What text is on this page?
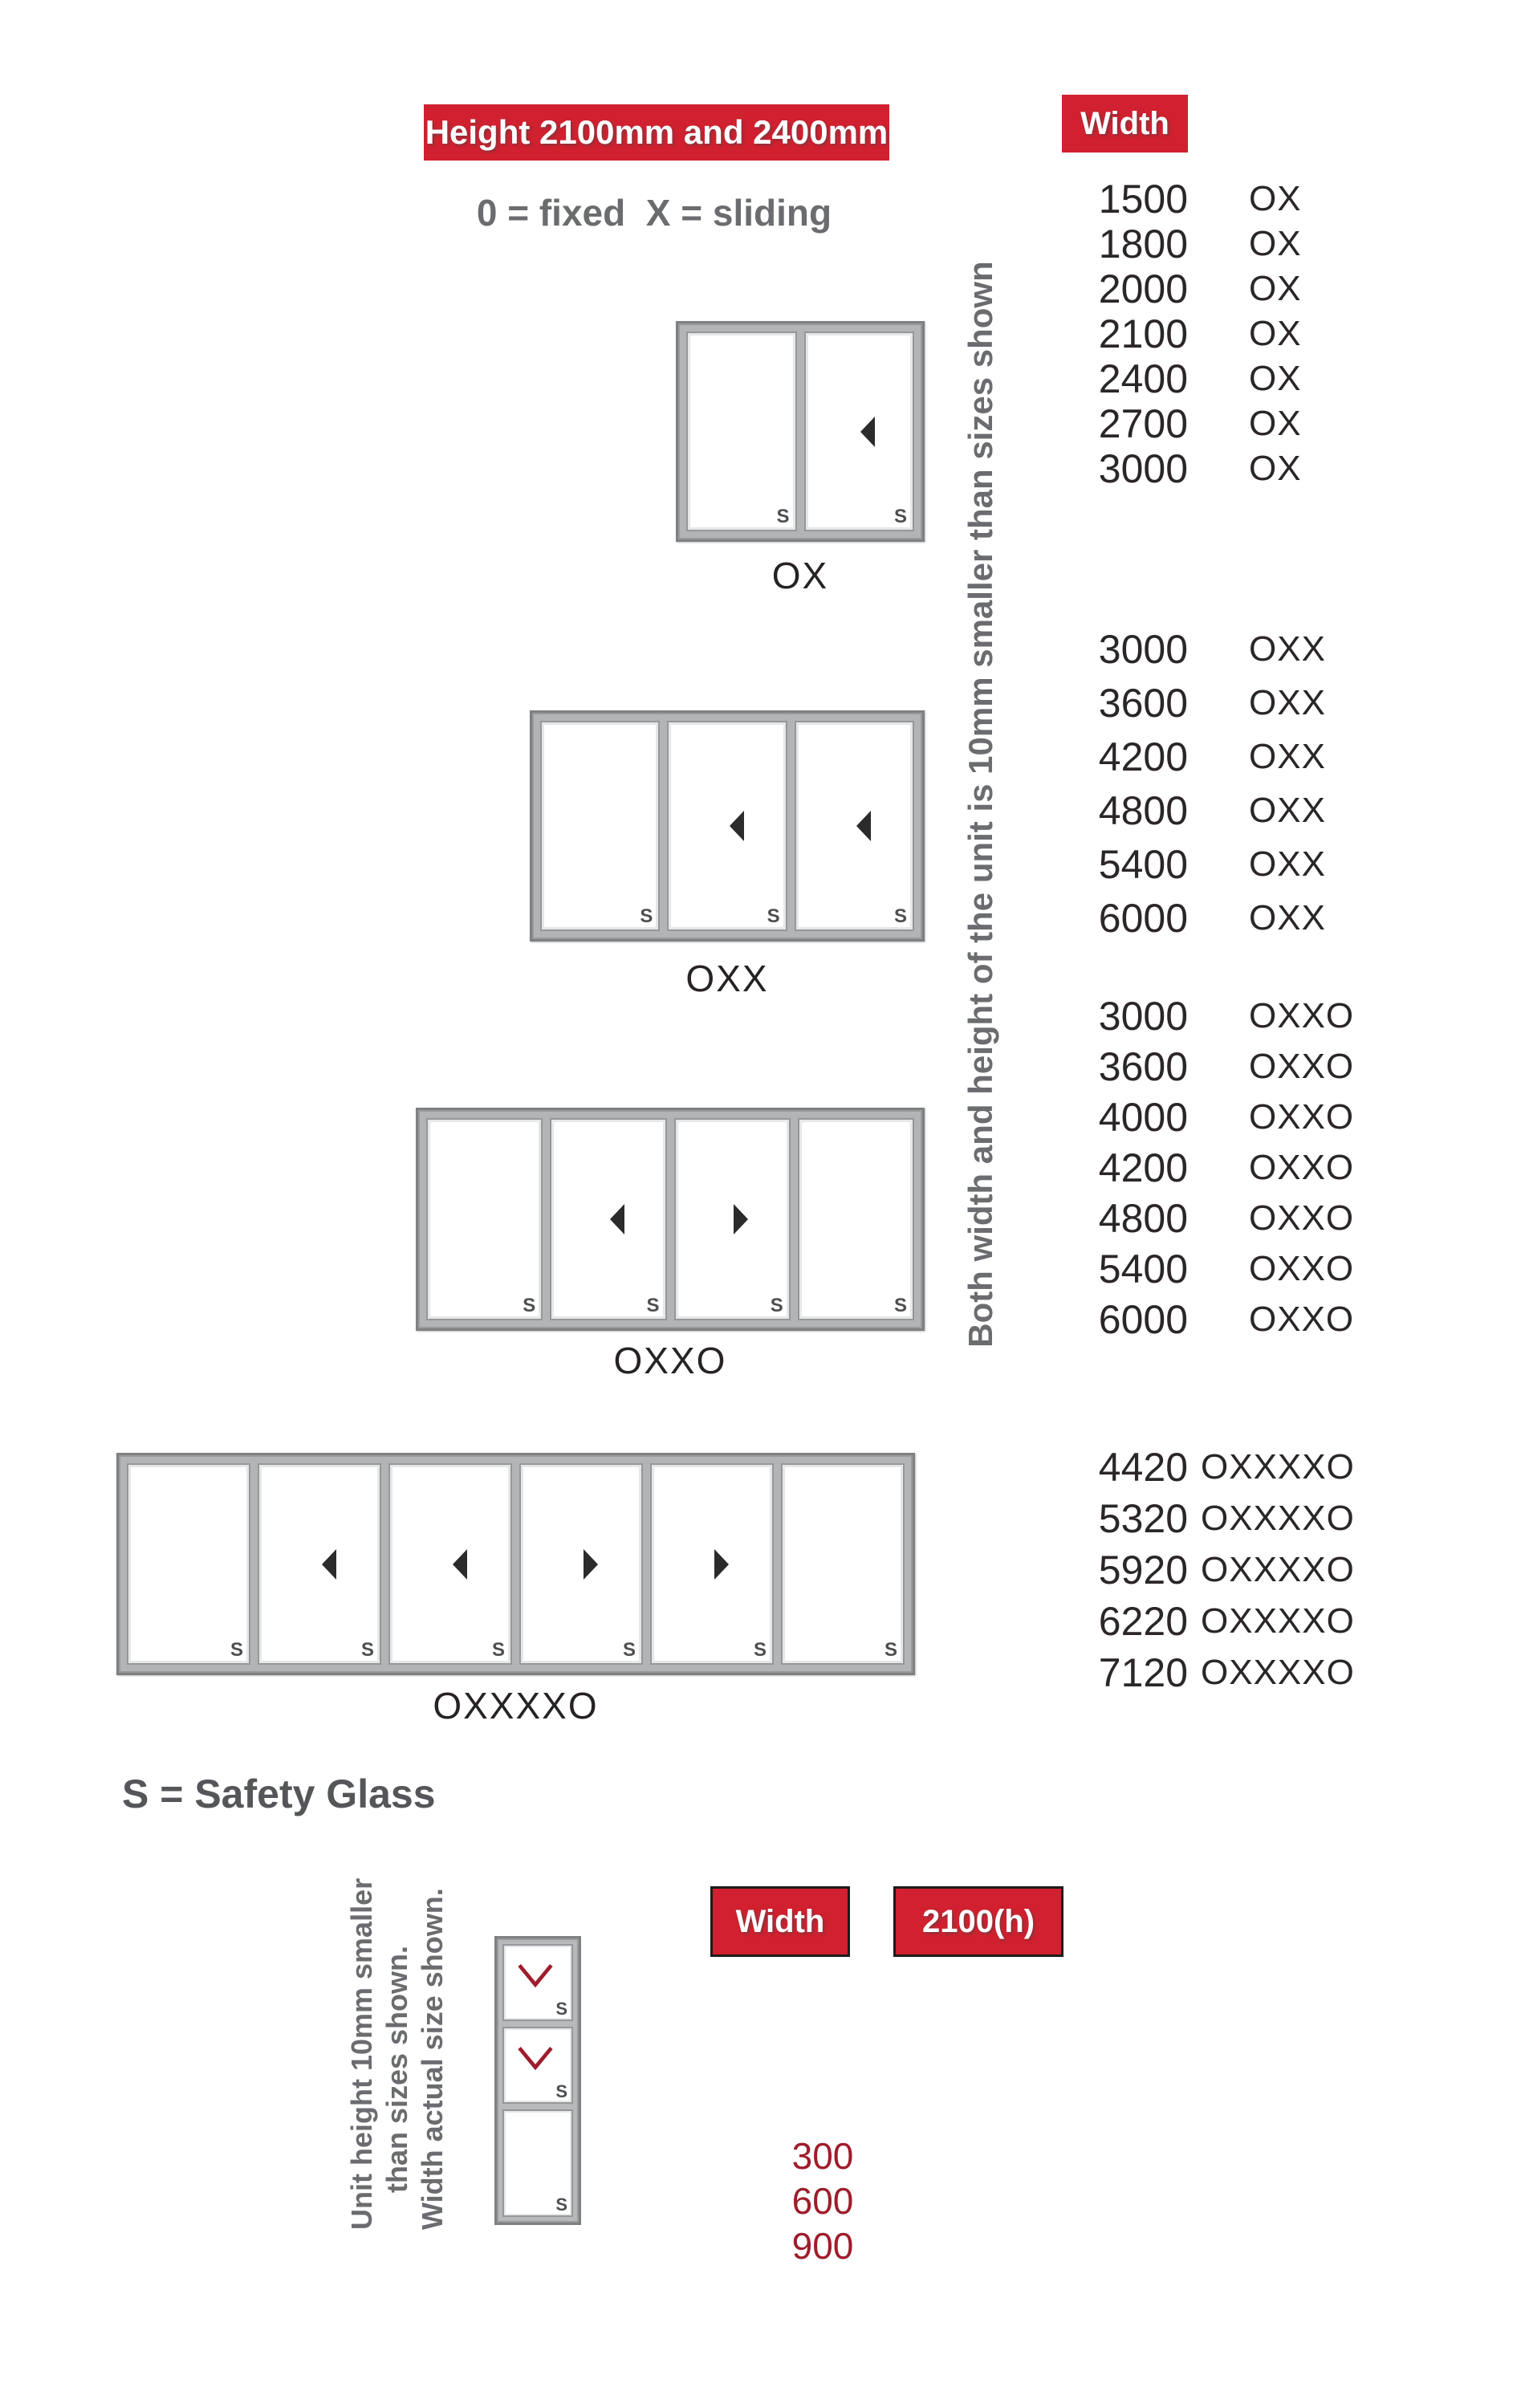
Height 2100mm and 2400mm	Width
0 = fixed  X = sliding
Both width and height of the unit is 10mm smaller than sizes shown
S	S
OX
S	S	S
OXX
S	S	S	S
OXXO
S	S	S	S	S	S
OXXXXO
1500 OX
1800 OX
2000 OX
2100 OX
2400 OX
2700 OX
3000 OX
3000 OXX
3600 OXX
4200 OXX
4800 OXX
5400 OXX
6000 OXX
3000 OXXO
3600 OXXO
4000 OXXO
4200 OXXO
4800 OXXO
5400 OXXO
6000 OXXO
4420 OXXXXO
5320 OXXXXO
5920 OXXXXO
6220 OXXXXO
7120 OXXXXO
S = Safety Glass
Unit height 10mm smaller than sizes shown. Width actual size shown.	S
S
S
Width	2100(h)
300
600
900
